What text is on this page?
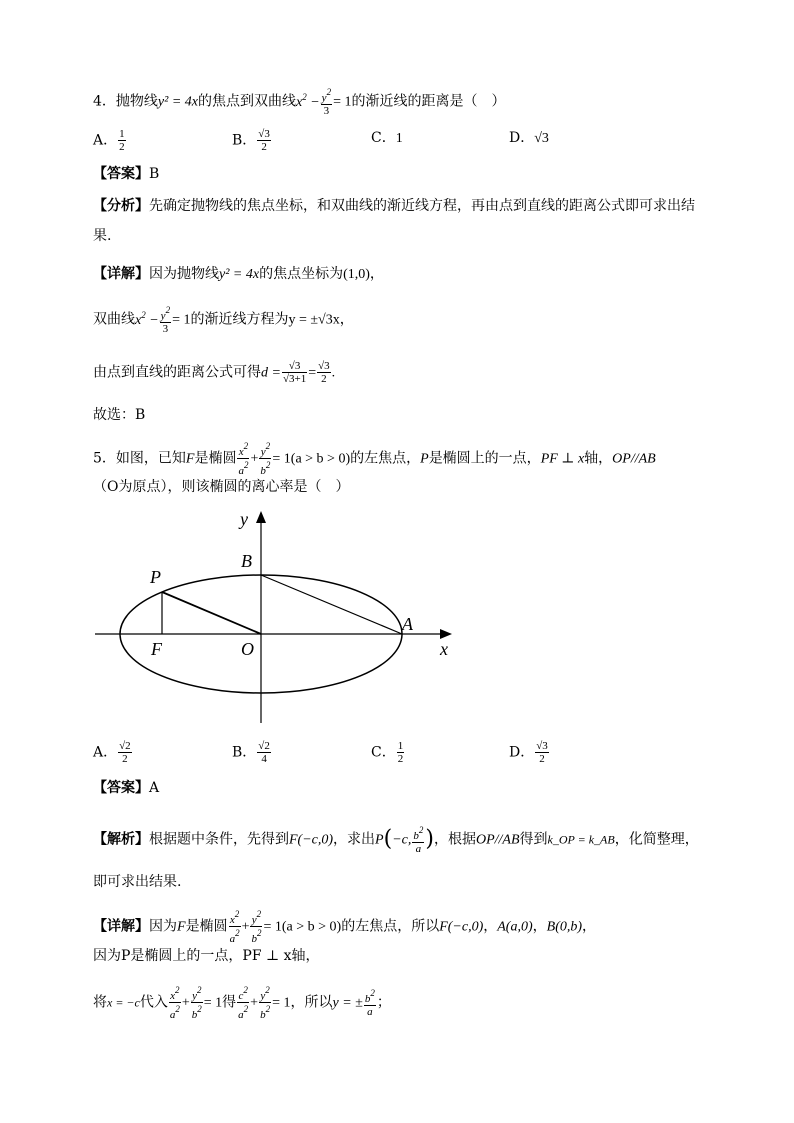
4．抛物线y² = 4x的焦点到双曲线$x^2 - \frac{y^2}{3} = 1$的渐近线的距离是（　）
A． $\frac{1}{2}$	B． $\frac{√3}{2}$	C．1	D．√3
【答案】B
【分析】先确定抛物线的焦点坐标，和双曲线的渐近线方程，再由点到直线的距离公式即可求出结
果.
【详解】因为抛物线y² = 4x的焦点坐标为(1,0)，
双曲线$x^2 - \frac{y^2}{3} = 1$的渐近线方程为y = ±√3x，
由点到直线的距离公式可得$d = \frac{√3}{√3+1} = \frac{√3}{2}$ .
故选：B
5．如图，已知F是椭圆 $\frac{x^2}{a^2} + \frac{y^2}{b^2} = 1(a > b > 0)$的左焦点，P是椭圆上的一点，PF ⊥ x轴，OP//AB
（O为原点），则该椭圆的离心率是（　）
y
x
B
P
A
F	O
A． $\frac{√2}{2}$	B． $\frac{√2}{4}$	C． $\frac{1}{2}$	D． $\frac{√3}{2}$
【答案】A
【解析】根据题中条件，先得到F(−c,0)，求出P(−c, $\frac{b^2}{a}$ )，根据OP//AB得到k_OP = k_AB，化简整理，
即可求出结果.
【详解】因为F是椭圆 $\frac{x^2}{a^2} + \frac{y^2}{b^2} = 1(a > b > 0)$的左焦点，所以F(−c,0)，A(a,0)，B(0,b)，
因为P是椭圆上的一点，PF ⊥ x轴，
将x = −c代入 $\frac{x^2}{a^2} + \frac{y^2}{b^2} = 1$得 $\frac{c^2}{a^2} + \frac{y^2}{b^2} = 1$，所以y = ± $\frac{b^2}{a}$ ；
